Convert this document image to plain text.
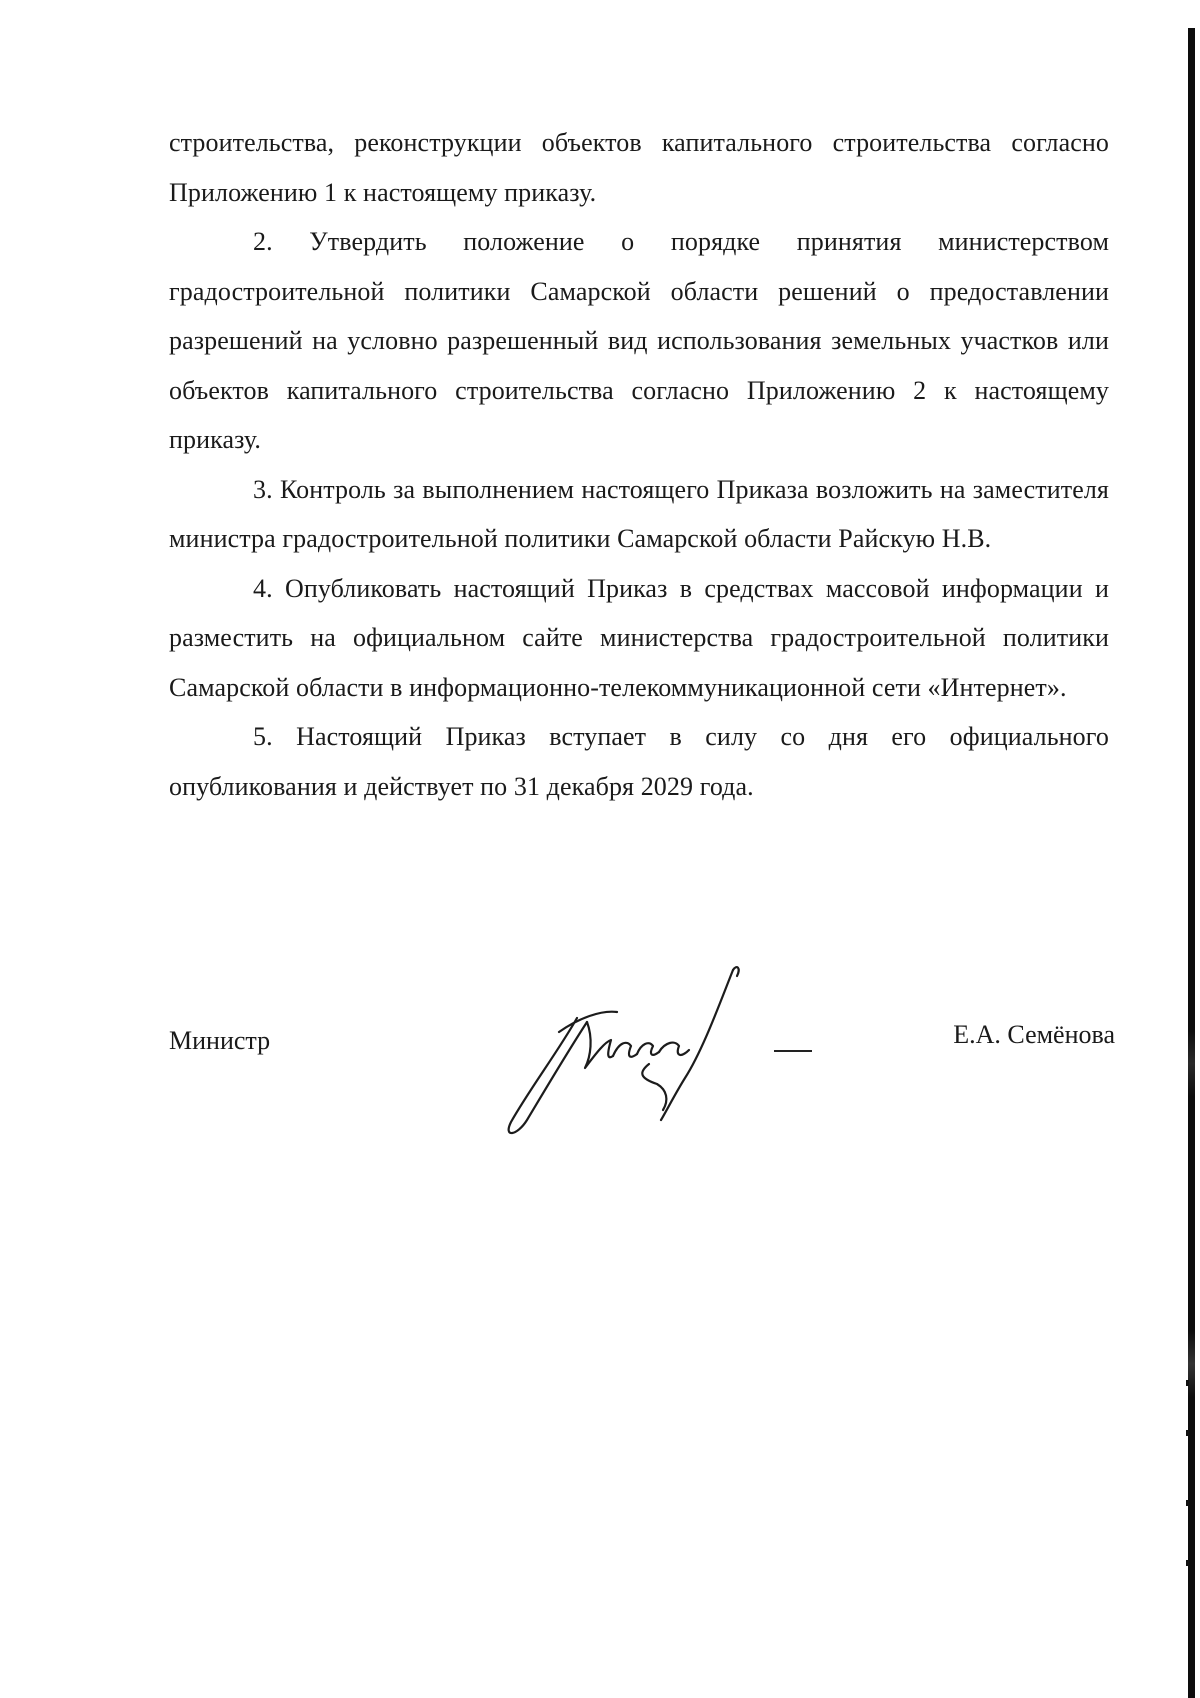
строительства, реконструкции объектов капитального строительства согласно Приложению 1 к настоящему приказу.

2. Утвердить положение о порядке принятия министерством градостроительной политики Самарской области решений о предоставлении разрешений на условно разрешенный вид использования земельных участков или объектов капитального строительства согласно Приложению 2 к настоящему приказу.

3. Контроль за выполнением настоящего Приказа возложить на заместителя министра градостроительной политики Самарской области Райскую Н.В.

4. Опубликовать настоящий Приказ в средствах массовой информации и разместить на официальном сайте министерства градостроительной политики Самарской области в информационно-телекоммуникационной сети «Интернет».

5. Настоящий Приказ вступает в силу со дня его официального опубликования и действует по 31 декабря 2029 года.

Министр	Е.А. Семёнова
